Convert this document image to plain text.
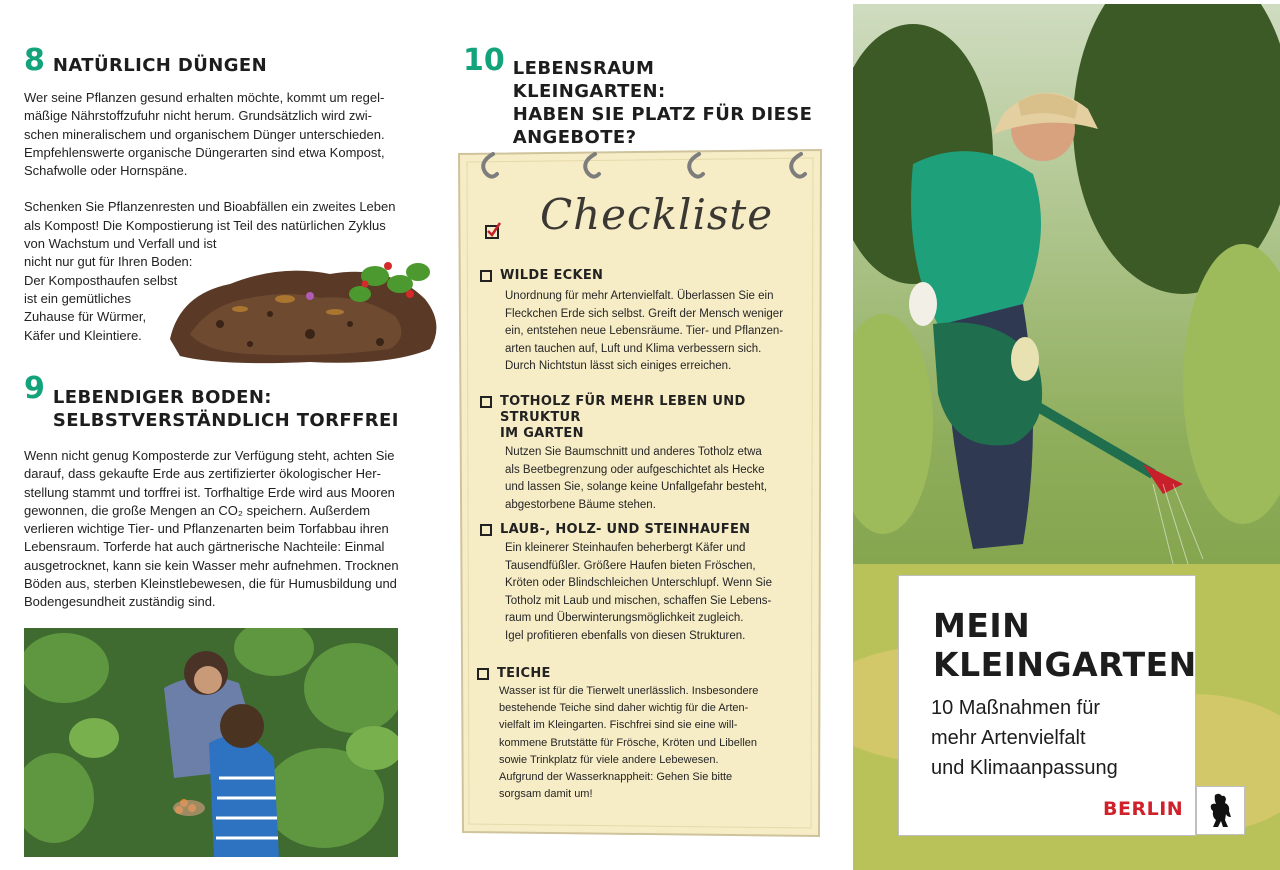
8 NATÜRLICH DÜNGEN
Wer seine Pflanzen gesund erhalten möchte, kommt um regel-
mäßige Nährstoffzufuhr nicht herum. Grundsätzlich wird zwi-
schen mineralischem und organischem Dünger unterschieden.
Empfehlenswerte organische Düngerarten sind etwa Kompost,
Schafwolle oder Hornspäne.
Schenken Sie Pflanzenresten und Bioabfällen ein zweites Leben
als Kompost! Die Kompostierung ist Teil des natürlichen Zyklus
von Wachstum und Verfall und ist
nicht nur gut für Ihren Boden:
Der Komposthaufen selbst
ist ein gemütliches
Zuhause für Würmer,
Käfer und Kleintiere.
9 LEBENDIGER BODEN:
SELBSTVERSTÄNDLICH TORFFREI
Wenn nicht genug Komposterde zur Verfügung steht, achten Sie
darauf, dass gekaufte Erde aus zertifizierter ökologischer Her-
stellung stammt und torffrei ist. Torfhaltige Erde wird aus Mooren
gewonnen, die große Mengen an CO₂ speichern. Außerdem
verlieren wichtige Tier- und Pflanzenarten beim Torfabbau ihren
Lebensraum. Torferde hat auch gärtnerische Nachteile: Einmal
ausgetrocknet, kann sie kein Wasser mehr aufnehmen. Trocknen
Böden aus, sterben Kleinstlebewesen, die für Humusbildung und
Bodengesundheit zuständig sind.
10 LEBENSRAUM KLEINGARTEN:
HABEN SIE PLATZ FÜR DIESE
ANGEBOTE?
Checkliste
WILDE ECKEN
Unordnung für mehr Artenvielfalt. Überlassen Sie ein
Fleckchen Erde sich selbst. Greift der Mensch weniger
ein, entstehen neue Lebensräume. Tier- und Pflanzen-
arten tauchen auf, Luft und Klima verbessern sich.
Durch Nichtstun lässt sich einiges erreichen.
TOTHOLZ FÜR MEHR LEBEN UND STRUKTUR
IM GARTEN
Nutzen Sie Baumschnitt und anderes Totholz etwa
als Beetbegrenzung oder aufgeschichtet als Hecke
und lassen Sie, solange keine Unfallgefahr besteht,
abgestorbene Bäume stehen.
LAUB-, HOLZ- UND STEINHAUFEN
Ein kleinerer Steinhaufen beherbergt Käfer und
Tausendfüßler. Größere Haufen bieten Fröschen,
Kröten oder Blindschleichen Unterschlupf. Wenn Sie
Totholz mit Laub und mischen, schaffen Sie Lebens-
raum und Überwinterungsmöglichkeit zugleich.
Igel profitieren ebenfalls von diesen Strukturen.
TEICHE
Wasser ist für die Tierwelt unerlässlich. Insbesondere
bestehende Teiche sind daher wichtig für die Arten-
vielfalt im Kleingarten. Fischfrei sind sie eine will-
kommene Brutstätte für Frösche, Kröten und Libellen
sowie Trinkplatz für viele andere Lebewesen.
Aufgrund der Wasserknappheit: Gehen Sie bitte
sorgsam damit um!
MEIN
KLEINGARTEN
10 Maßnahmen für
mehr Artenvielfalt
und Klimaanpassung
BERLIN
